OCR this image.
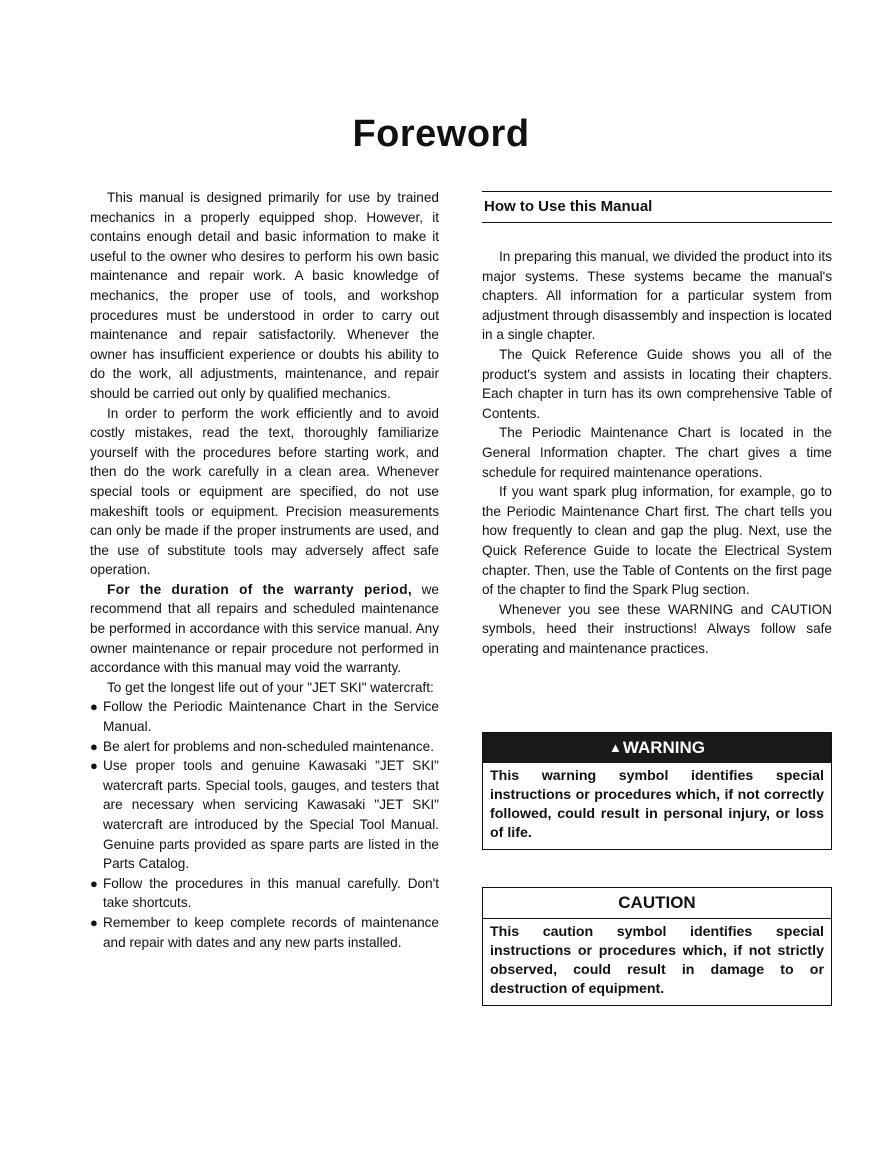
Foreword

This manual is designed primarily for use by trained mechanics in a properly equipped shop. However, it contains enough detail and basic information to make it useful to the owner who desires to perform his own basic maintenance and repair work. A basic knowledge of mechanics, the proper use of tools, and workshop procedures must be understood in order to carry out maintenance and repair satisfactorily. Whenever the owner has insufficient experience or doubts his ability to do the work, all adjustments, maintenance, and repair should be carried out only by qualified mechanics.

In order to perform the work efficiently and to avoid costly mistakes, read the text, thoroughly familiarize yourself with the procedures before starting work, and then do the work carefully in a clean area. Whenever special tools or equipment are specified, do not use makeshift tools or equipment. Precision measurements can only be made if the proper instruments are used, and the use of substitute tools may adversely affect safe operation.

For the duration of the warranty period, we recommend that all repairs and scheduled maintenance be performed in accordance with this service manual. Any owner maintenance or repair procedure not performed in accordance with this manual may void the warranty.

To get the longest life out of your "JET SKI" watercraft:

● Follow the Periodic Maintenance Chart in the Service Manual.
● Be alert for problems and non-scheduled maintenance.
● Use proper tools and genuine Kawasaki "JET SKI" watercraft parts. Special tools, gauges, and testers that are necessary when servicing Kawasaki "JET SKI" watercraft are introduced by the Special Tool Manual. Genuine parts provided as spare parts are listed in the Parts Catalog.
● Follow the procedures in this manual carefully. Don't take shortcuts.
● Remember to keep complete records of maintenance and repair with dates and any new parts installed.
How to Use this Manual

In preparing this manual, we divided the product into its major systems. These systems became the manual's chapters. All information for a particular system from adjustment through disassembly and inspection is located in a single chapter.

The Quick Reference Guide shows you all of the product's system and assists in locating their chapters. Each chapter in turn has its own comprehensive Table of Contents.

The Periodic Maintenance Chart is located in the General Information chapter. The chart gives a time schedule for required maintenance operations.

If you want spark plug information, for example, go to the Periodic Maintenance Chart first. The chart tells you how frequently to clean and gap the plug. Next, use the Quick Reference Guide to locate the Electrical System chapter. Then, use the Table of Contents on the first page of the chapter to find the Spark Plug section.

Whenever you see these WARNING and CAUTION symbols, heed their instructions! Always follow safe operating and maintenance practices.

▲WARNING
This warning symbol identifies special instructions or procedures which, if not correctly followed, could result in personal injury, or loss of life.
CAUTION
This caution symbol identifies special instructions or procedures which, if not strictly observed, could result in damage to or destruction of equipment.
